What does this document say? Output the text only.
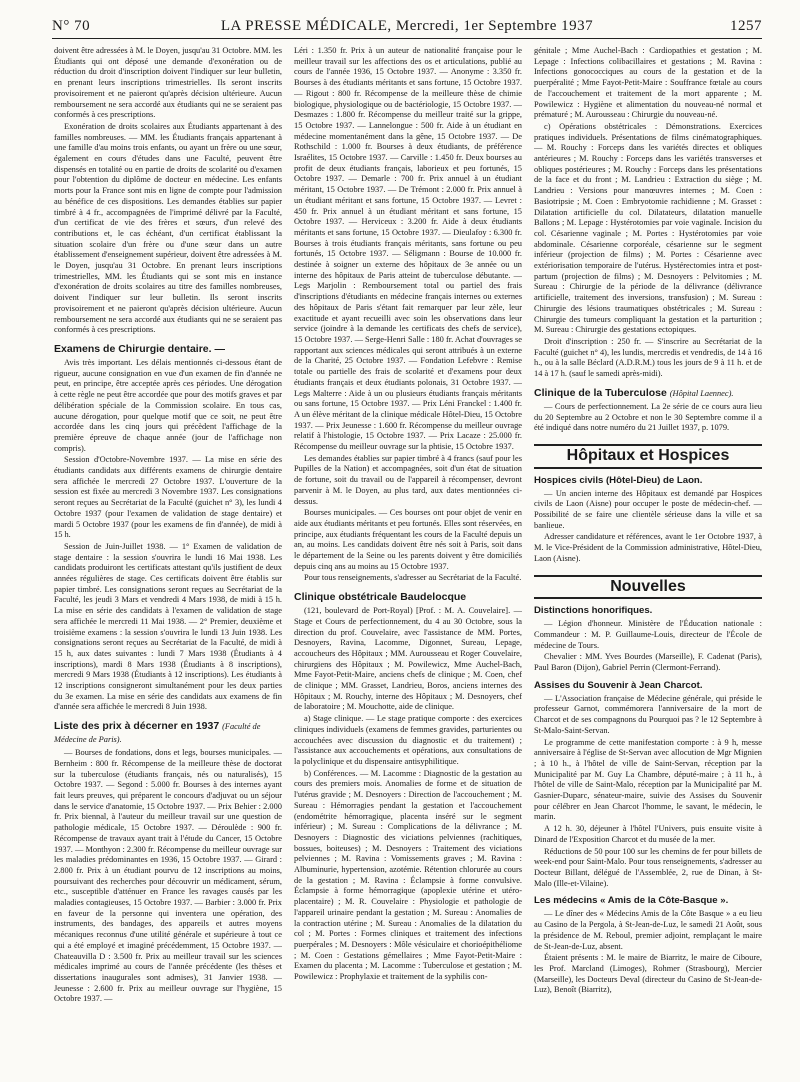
N° 70	LA PRESSE MÉDICALE, Mercredi, 1er Septembre 1937	1257

doivent être adressées à M. le Doyen, jusqu'au 31 Octobre. MM. les Étudiants qui ont déposé une demande d'exonération ou de réduction du droit d'inscription doivent l'indiquer sur leur bulletin, en prenant leurs inscriptions trimestrielles. Ils seront inscrits provisoirement et ne paieront qu'après décision ultérieure. Aucun remboursement ne sera accordé aux étudiants qui ne se seraient pas conformés à ces prescriptions.

Exonération de droits scolaires aux Étudiants appartenant à des familles nombreuses. — MM. les Étudiants français appartenant à une famille d'au moins trois enfants, ou ayant un frère ou une sœur, également en cours d'études dans une Faculté, peuvent être dispensés en totalité ou en partie de droits de scolarité ou d'examen pour l'obtention du diplôme de docteur en médecine. Les enfants morts pour la France sont mis en ligne de compte pour l'admission au bénéfice de ces dispositions. Les demandes établies sur papier timbré à 4 fr., accompagnées de l'imprimé délivré par la Faculté, d'un certificat de vie des frères et sœurs, d'un relevé des contributions et, le cas échéant, d'un certificat établissant la situation scolaire d'un frère ou d'une sœur dans un autre établissement d'enseignement supérieur, doivent être adressées à M. le Doyen, jusqu'au 31 Octobre. En prenant leurs inscriptions trimestrielles, MM. les Étudiants qui se sont mis en instance d'exonération de droits scolaires au titre des familles nombreuses, doivent l'indiquer sur leur bulletin. Ils seront inscrits provisoirement et ne paieront qu'après décision ultérieure. Aucun remboursement ne sera accordé aux étudiants qui ne se seraient pas conformés à ces prescriptions.

Examens de Chirurgie dentaire. —

Avis très important. Les délais mentionnés ci-dessous étant de rigueur, aucune consignation en vue d'un examen de fin d'année ne peut, en principe, être acceptée après ces périodes. Une dérogation à cette règle ne peut être accordée que pour des motifs graves et par délibération spéciale de la Commission scolaire. En tous cas, aucune dérogation, pour quelque motif que ce soit, ne peut être accordée dans les cinq jours qui précèdent l'affichage de la première épreuve de chaque année (jour de l'affichage non compris).

Session d'Octobre-Novembre 1937. — La mise en série des étudiants candidats aux différents examens de chirurgie dentaire sera affichée le mercredi 27 Octobre 1937. L'ouverture de la session est fixée au mercredi 3 Novembre 1937. Les consignations seront reçues au Secrétariat de la Faculté (guichet n° 3), les lundi 4 Octobre 1937 (pour l'examen de validation de stage dentaire) et mardi 5 Octobre 1937 (pour les examens de fin d'année), de midi à 15 h.

Session de Juin-Juillet 1938. — 1° Examen de validation de stage dentaire : la session s'ouvrira le lundi 16 Mai 1938. Les candidats produiront les certificats attestant qu'ils justifient de deux années régulières de stage. Ces certificats doivent être établis sur papier timbré. Les consignations seront reçues au Secrétariat de la Faculté, les jeudi 3 Mars et vendredi 4 Mars 1938, de midi à 15 h. La mise en série des candidats à l'examen de validation de stage sera affichée le mercredi 11 Mai 1938. — 2° Premier, deuxième et troisième examens : la session s'ouvrira le lundi 13 Juin 1938. Les consignations seront reçues au Secrétariat de la Faculté, de midi à 15 h, aux dates suivantes : lundi 7 Mars 1938 (Étudiants à 4 inscriptions), mardi 8 Mars 1938 (Étudiants à 8 inscriptions), mercredi 9 Mars 1938 (Étudiants à 12 inscriptions). Les étudiants à 12 inscriptions consigneront simultanément pour les deux parties du 3e examen. La mise en série des candidats aux examens de fin d'année sera affichée le mercredi 8 Juin 1938.

Liste des prix à décerner en 1937 (Faculté de Médecine de Paris).

— Bourses de fondations, dons et legs, bourses municipales. — Bernheim : 800 fr. Récompense de la meilleure thèse de doctorat sur la tuberculose (étudiants français, nés ou naturalisés), 15 Octobre 1937. — Segond : 5.000 fr. Bourses à des internes ayant fait leurs preuves, qui préparent le concours d'adjuvat ou un séjour dans le service d'anatomie, 15 Octobre 1937. — Prix Behier : 2.000 fr. Prix biennal, à l'auteur du meilleur travail sur une question de pathologie médicale, 15 Octobre 1937. — Déroulède : 900 fr. Récompense de travaux ayant trait à l'étude du Cancer, 15 Octobre 1937. — Monthyon : 2.300 fr. Récompense du meilleur ouvrage sur les maladies prédominantes en 1936, 15 Octobre 1937. — Girard : 2.800 fr. Prix à un étudiant pourvu de 12 inscriptions au moins, poursuivant des recherches pour découvrir un médicament, sérum, etc., susceptible d'atténuer en France les ravages causés par les maladies contagieuses, 15 Octobre 1937. — Barbier : 3.000 fr. Prix en faveur de la personne qui inventera une opération, des instruments, des bandages, des appareils et autres moyens mécaniques reconnus d'une utilité générale et supérieure à tout ce qui a été employé et imaginé précédemment, 15 Octobre 1937. — Chateauvilla D : 3.500 fr. Prix au meilleur travail sur les sciences médicales imprimé au cours de l'année précédente (les thèses et dissertations inaugurales sont admises), 31 Janvier 1938. — Jeunesse : 2.600 fr. Prix au meilleur ouvrage sur l'hygiène, 15 Octobre 1937. —

Léri : 1.350 fr. Prix à un auteur de nationalité française pour le meilleur travail sur les affections des os et articulations, publié au cours de l'année 1936, 15 Octobre 1937. — Anonyme : 3.350 fr. Bourses à des étudiants méritants et sans fortune, 15 Octobre 1937. — Rigout : 800 fr. Récompense de la meilleure thèse de chimie biologique, physiologique ou de bactériologie, 15 Octobre 1937. — Desmazes : 1.800 fr. Récompense du meilleur traité sur la grippe, 15 Octobre 1937. — Lannelongue : 500 fr. Aide à un étudiant en médecine momentanément dans la gêne, 15 Octobre 1937. — De Rothschild : 1.000 fr. Bourses à deux étudiants, de préférence Israélites, 15 Octobre 1937. — Carville : 1.450 fr. Deux bourses au profit de deux étudiants français, laborieux et peu fortunés, 15 Octobre 1937. — Demarle : 700 fr. Prix annuel à un étudiant méritant, 15 Octobre 1937. — De Trémont : 2.000 fr. Prix annuel à un étudiant méritant et sans fortune, 15 Octobre 1937. — Levret : 450 fr. Prix annuel à un étudiant méritant et sans fortune, 15 Octobre 1937. — Herviceux : 3.200 fr. Aide à deux étudiants méritants et sans fortune, 15 Octobre 1937. — Dieulafoy : 6.300 fr. Bourses à trois étudiants français méritants, sans fortune ou peu fortunés, 15 Octobre 1937. — Séligmann : Bourse de 10.000 fr. destinée à soigner un externe des hôpitaux de 3e année ou un interne des hôpitaux de Paris atteint de tuberculose débutante. — Legs Marjolin : Remboursement total ou partiel des frais d'inscriptions d'étudiants en médecine français internes ou externes des hôpitaux de Paris s'étant fait remarquer par leur zèle, leur exactitude et ayant recueilli avec soin les observations dans leur service (joindre à la demande les certificats des chefs de service), 15 Octobre 1937. — Serge-Henri Salle : 180 fr. Achat d'ouvrages se rapportant aux sciences médicales qui seront attribués à un externe de la Charité, 25 Octobre 1937. — Fondation Lefebvre : Remise totale ou partielle des frais de scolarité et d'examens pour deux étudiants français et deux étudiants polonais, 31 Octobre 1937. — Legs Malterre : Aide à un ou plusieurs étudiants français méritants ou sans fortune, 15 Octobre 1937. — Prix Léni Franckel : 1.400 fr. A un élève méritant de la clinique médicale Hôtel-Dieu, 15 Octobre 1937. — Prix Jeunesse : 1.600 fr. Récompense du meilleur ouvrage relatif à l'histologie, 15 Octobre 1937. — Prix Lacaze : 25.000 fr. Récompense du meilleur ouvrage sur la phtisie, 15 Octobre 1937.

Les demandes établies sur papier timbré à 4 francs (sauf pour les Pupilles de la Nation) et accompagnées, soit d'un état de situation de fortune, soit du travail ou de l'appareil à récompenser, devront parvenir à M. le Doyen, au plus tard, aux dates mentionnées ci-dessus.

Bourses municipales. — Ces bourses ont pour objet de venir en aide aux étudiants méritants et peu fortunés. Elles sont réservées, en principe, aux étudiants fréquentant les cours de la Faculté depuis un an, au moins. Les candidats doivent être nés soit à Paris, soit dans le département de la Seine ou les parents doivent y être domiciliés depuis cinq ans au moins au 15 Octobre 1937.

Pour tous renseignements, s'adresser au Secrétariat de la Faculté.

Clinique obstétricale Baudelocque

(121, boulevard de Port-Royal) [Prof. : M. A. Couvelaire]. — Stage et Cours de perfectionnement, du 4 au 30 Octobre, sous la direction du prof. Couvelaire, avec l'assistance de MM. Portes, Desnoyers, Ravina, Lacomme, Digonnet, Sureau, Lepage, accoucheurs des Hôpitaux ; MM. Aurousseau et Roger Couvelaire, chirurgiens des Hôpitaux ; M. Powilewicz, Mme Auchel-Bach, Mme Fayot-Petit-Maire, anciens chefs de clinique ; M. Coen, chef de clinique ; MM. Grasset, Landrieu, Boros, anciens internes des Hôpitaux ; M. Rouchy, interne des Hôpitaux ; M. Desnoyers, chef de laboratoire ; M. Mouchotte, aide de clinique.

a) Stage clinique. — Le stage pratique comporte : des exercices cliniques individuels (examens de femmes gravides, parturientes ou accouchées avec discussion du diagnostic et du traitement) ; l'assistance aux accouchements et opérations, aux consultations de la polyclinique et du dispensaire antisyphilitique.

b) Conférences. — M. Lacomme : Diagnostic de la gestation au cours des premiers mois. Anomalies de forme et de situation de l'utérus gravide ; M. Desnoyers : Direction de l'accouchement ; M. Sureau : Hémorragies pendant la gestation et l'accouchement (endométrite hémorragique, placenta inséré sur le segment inférieur) ; M. Sureau : Complications de la délivrance ; M. Desnoyers : Diagnostic des viciations pelviennes (rachitiques, bossues, boiteuses) ; M. Desnoyers : Traitement des viciations pelviennes ; M. Ravina : Vomissements graves ; M. Ravina : Albuminurie, hypertension, azotémie. Rétention chlorurée au cours de la gestation ; M. Ravina : Éclampsie à forme convulsive. Éclampsie à forme hémorragique (apoplexie utérine et utéro-placentaire) ; M. R. Couvelaire : Physiologie et pathologie de l'appareil urinaire pendant la gestation ; M. Sureau : Anomalies de la contraction utérine ; M. Sureau : Anomalies de la dilatation du col ; M. Portes : Formes cliniques et traitement des infections puerpérales ; M. Desnoyers : Môle vésiculaire et chorioépithéliome ; M. Coen : Gestations gémellaires ; Mme Fayot-Petit-Maire : Examen du placenta ; M. Lacomme : Tuberculose et gestation ; M. Powilewicz : Prophylaxie et traitement de la syphilis con-

génitale ; Mme Auchel-Bach : Cardiopathies et gestation ; M. Lepage : Infections colibacillaires et gestations ; M. Ravina : Infections gonococciques au cours de la gestation et de la puerpéralité ; Mme Fayot-Petit-Maire : Souffrance fœtale au cours de l'accouchement et traitement de la mort apparente ; M. Powilewicz : Hygiène et alimentation du nouveau-né normal et prématuré ; M. Aurousseau : Chirurgie du nouveau-né.

c) Opérations obstétricales : Démonstrations. Exercices pratiques individuels. Présentations de films cinématographiques. — M. Rouchy : Forceps dans les variétés directes et obliques antérieures ; M. Rouchy : Forceps dans les variétés transverses et obliques postérieures ; M. Rouchy : Forceps dans les présentations de la face et du front ; M. Landrieu : Extraction du siège ; M. Landrieu : Versions pour manœuvres internes ; M. Coen : Basiotripsie ; M. Coen : Embryotomie rachidienne ; M. Grasset : Dilatation artificielle du col. Dilatateurs, dilatation manuelle Ballons ; M. Lepage : Hystérotomies par voie vaginale. Incision du col. Césarienne vaginale ; M. Portes : Hystérotomies par voie abdominale. Césarienne corporéale, césarienne sur le segment inférieur (projection de films) ; M. Portes : Césarienne avec extériorisation temporaire de l'utérus. Hystérectomies intra et post-partum (projection de films) ; M. Desnoyers : Pelvitomies ; M. Sureau : Chirurgie de la période de la délivrance (délivrance artificielle, traitement des inversions, transfusion) ; M. Sureau : Chirurgie des lésions traumatiques obstétricales ; M. Sureau : Chirurgie des tumeurs compliquant la gestation et la parturition ; M. Sureau : Chirurgie des gestations ectopiques.

Droit d'inscription : 250 fr. — S'inscrire au Secrétariat de la Faculté (guichet n° 4), les lundis, mercredis et vendredis, de 14 à 16 h., ou à la salle Béclard (A.D.R.M.) tous les jours de 9 à 11 h. et de 14 à 17 h. (sauf le samedi après-midi).

Clinique de la Tuberculose (Hôpital Laennec).

— Cours de perfectionnement. La 2e série de ce cours aura lieu du 20 Septembre au 2 Octobre et non le 30 Septembre comme il a été indiqué dans notre numéro du 21 Juillet 1937, p. 1079.

Hôpitaux et Hospices
Hospices civils (Hôtel-Dieu) de Laon.

— Un ancien interne des Hôpitaux est demandé par Hospices civils de Laon (Aisne) pour occuper le poste de médecin-chef. — Possibilité de se faire une clientèle sérieuse dans la ville et sa banlieue.

Adresser candidature et références, avant le 1er Octobre 1937, à M. le Vice-Président de la Commission administrative, Hôtel-Dieu, Laon (Aisne).

Nouvelles
Distinctions honorifiques.

— Légion d'honneur. Ministère de l'Éducation nationale : Commandeur : M. P. Guillaume-Louis, directeur de l'École de médecine de Tours.

Chevalier : MM. Yves Bourdes (Marseille), F. Cadenat (Paris), Paul Baron (Dijon), Gabriel Perrin (Clermont-Ferrand).

Assises du Souvenir à Jean Charcot.

— L'Association française de Médecine générale, qui préside le professeur Garnot, commémorera l'anniversaire de la mort de Charcot et de ses compagnons du Pourquoi pas ? le 12 Septembre à St-Malo-Saint-Servan.

Le programme de cette manifestation comporte : à 9 h, messe anniversaire à l'église de St-Servan avec allocution de Mgr Mignien ; à 10 h., à l'hôtel de ville de Saint-Servan, réception par la Municipalité par M. Guy La Chambre, député-maire ; à 11 h., à l'hôtel de ville de Saint-Malo, réception par la Municipalité par M. Gasnier-Duparc, sénateur-maire, suivie des Assises du Souvenir pour célébrer en Jean Charcot l'homme, le savant, le médecin, le marin.

A 12 h. 30, déjeuner à l'hôtel l'Univers, puis ensuite visite à Dinard de l'Exposition Charcot et du musée de la mer.

Réductions de 50 pour 100 sur les chemins de fer pour billets de week-end pour Saint-Malo. Pour tous renseignements, s'adresser au Docteur Billant, délégué de l'Assemblée, 2, rue de Dinan, à St-Malo (Ille-et-Vilaine).

Les médecins « Amis de la Côte-Basque ».

— Le dîner des « Médecins Amis de la Côte Basque » a eu lieu au Casino de la Pergola, à St-Jean-de-Luz, le samedi 21 Août, sous la présidence de M. Reboul, premier adjoint, remplaçant le maire de St-Jean-de-Luz, absent.

Étaient présents : M. le maire de Biarritz, le maire de Ciboure, les Prof. Marcland (Limoges), Rohmer (Strasbourg), Mercier (Marseille), les Docteurs Deval (directeur du Casino de St-Jean-de-Luz), Benoît (Biarritz),
